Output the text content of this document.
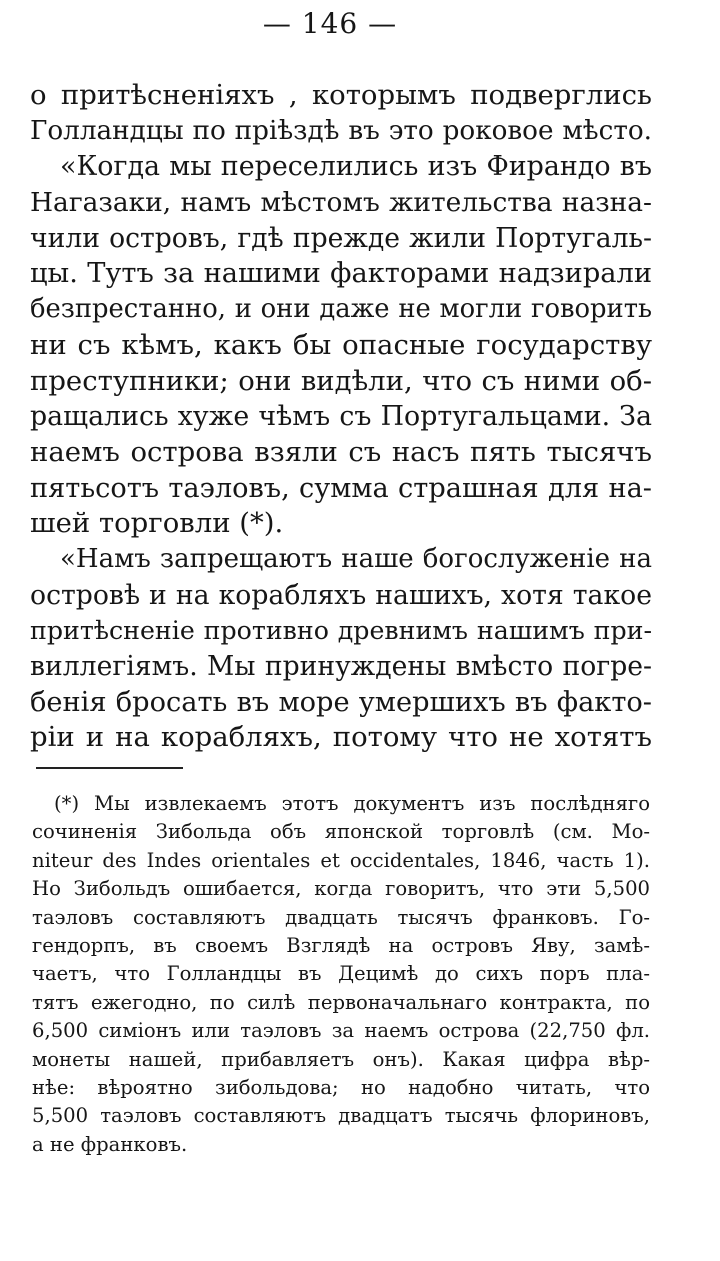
— 146 —
о притѣсненіяхъ , которымъ подверглись
Голландцы по пріѣздѣ въ это роковое мѣсто.
«Когда мы переселились изъ Фирандо въ
Нагазаки, намъ мѣстомъ жительства назна-
чили островъ, гдѣ прежде жили Португаль-
цы. Тутъ за нашими факторами надзирали
безпрестанно, и они даже не могли говорить
ни съ кѣмъ, какъ бы опасные государству
преступники; они видѣли, что съ ними об-
ращались хуже чѣмъ съ Португальцами. За
наемъ острова взяли съ насъ пять тысячъ
пятьсотъ таэловъ, сумма страшная для на-
шей торговли (*).
«Намъ запрещаютъ наше богослуженіе на
островѣ и на корабляхъ нашихъ, хотя такое
притѣсненіе противно древнимъ нашимъ при-
виллегіямъ. Мы принуждены вмѣсто погре-
бенія бросать въ море умершихъ въ факто-
ріи и на корабляхъ, потому что не хотятъ
(*) Мы извлекаемъ этотъ документъ изъ послѣдняго
сочиненія Зибольда объ японской торговлѣ (см. Mo-
niteur des Indes orientales et occidentales, 1846, часть 1).
Но Зибольдъ ошибается, когда говоритъ, что эти 5,500
таэловъ составляютъ двадцать тысячъ франковъ. Го-
гендорпъ, въ своемъ Взглядѣ на островъ Яву, замѣ-
чаетъ, что Голландцы въ Децимѣ до сихъ поръ пла-
тятъ ежегодно, по силѣ первоначальнаго контракта, по
6,500 симіонъ или таэловъ за наемъ острова (22,750 фл.
монеты нашей, прибавляетъ онъ). Какая цифра вѣр-
нѣе: вѣроятно зибольдова; но надобно читать, что
5,500 таэловъ составляютъ двадцатъ тысячь флориновъ,
а не франковъ.
